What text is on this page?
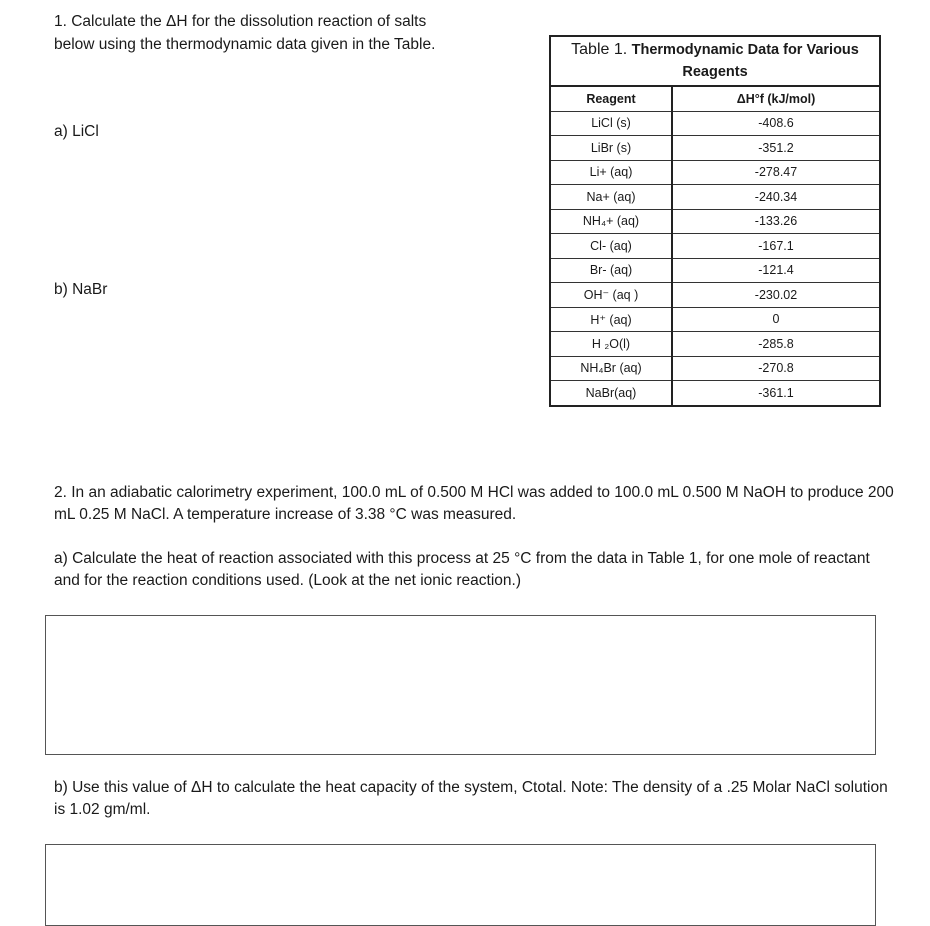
1. Calculate the ΔH for the dissolution reaction of salts below using the thermodynamic data given in the Table.
a) LiCl
b) NaBr
Table 1. Thermodynamic Data for Various Reagents
Reagent	ΔH°f (kJ/mol)
LiCl (s)	-408.6
LiBr (s)	-351.2
Li+ (aq)	-278.47
Na+ (aq)	-240.34
NH₄+ (aq)	-133.26
Cl- (aq)	-167.1
Br- (aq)	-121.4
OH⁻ (aq )	-230.02
H⁺ (aq)	0
H ₂O(l)	-285.8
NH₄Br (aq)	-270.8
NaBr(aq)	-361.1
2. In an adiabatic calorimetry experiment, 100.0 mL of 0.500 M HCl was added to 100.0 mL 0.500 M NaOH to produce 200 mL 0.25 M NaCl. A temperature increase of 3.38 °C was measured.
a) Calculate the heat of reaction associated with this process at 25 °C from the data in Table 1, for one mole of reactant and for the reaction conditions used. (Look at the net ionic reaction.)
b) Use this value of ΔH to calculate the heat capacity of the system, Ctotal. Note: The density of a .25 Molar NaCl solution is 1.02 gm/ml.
